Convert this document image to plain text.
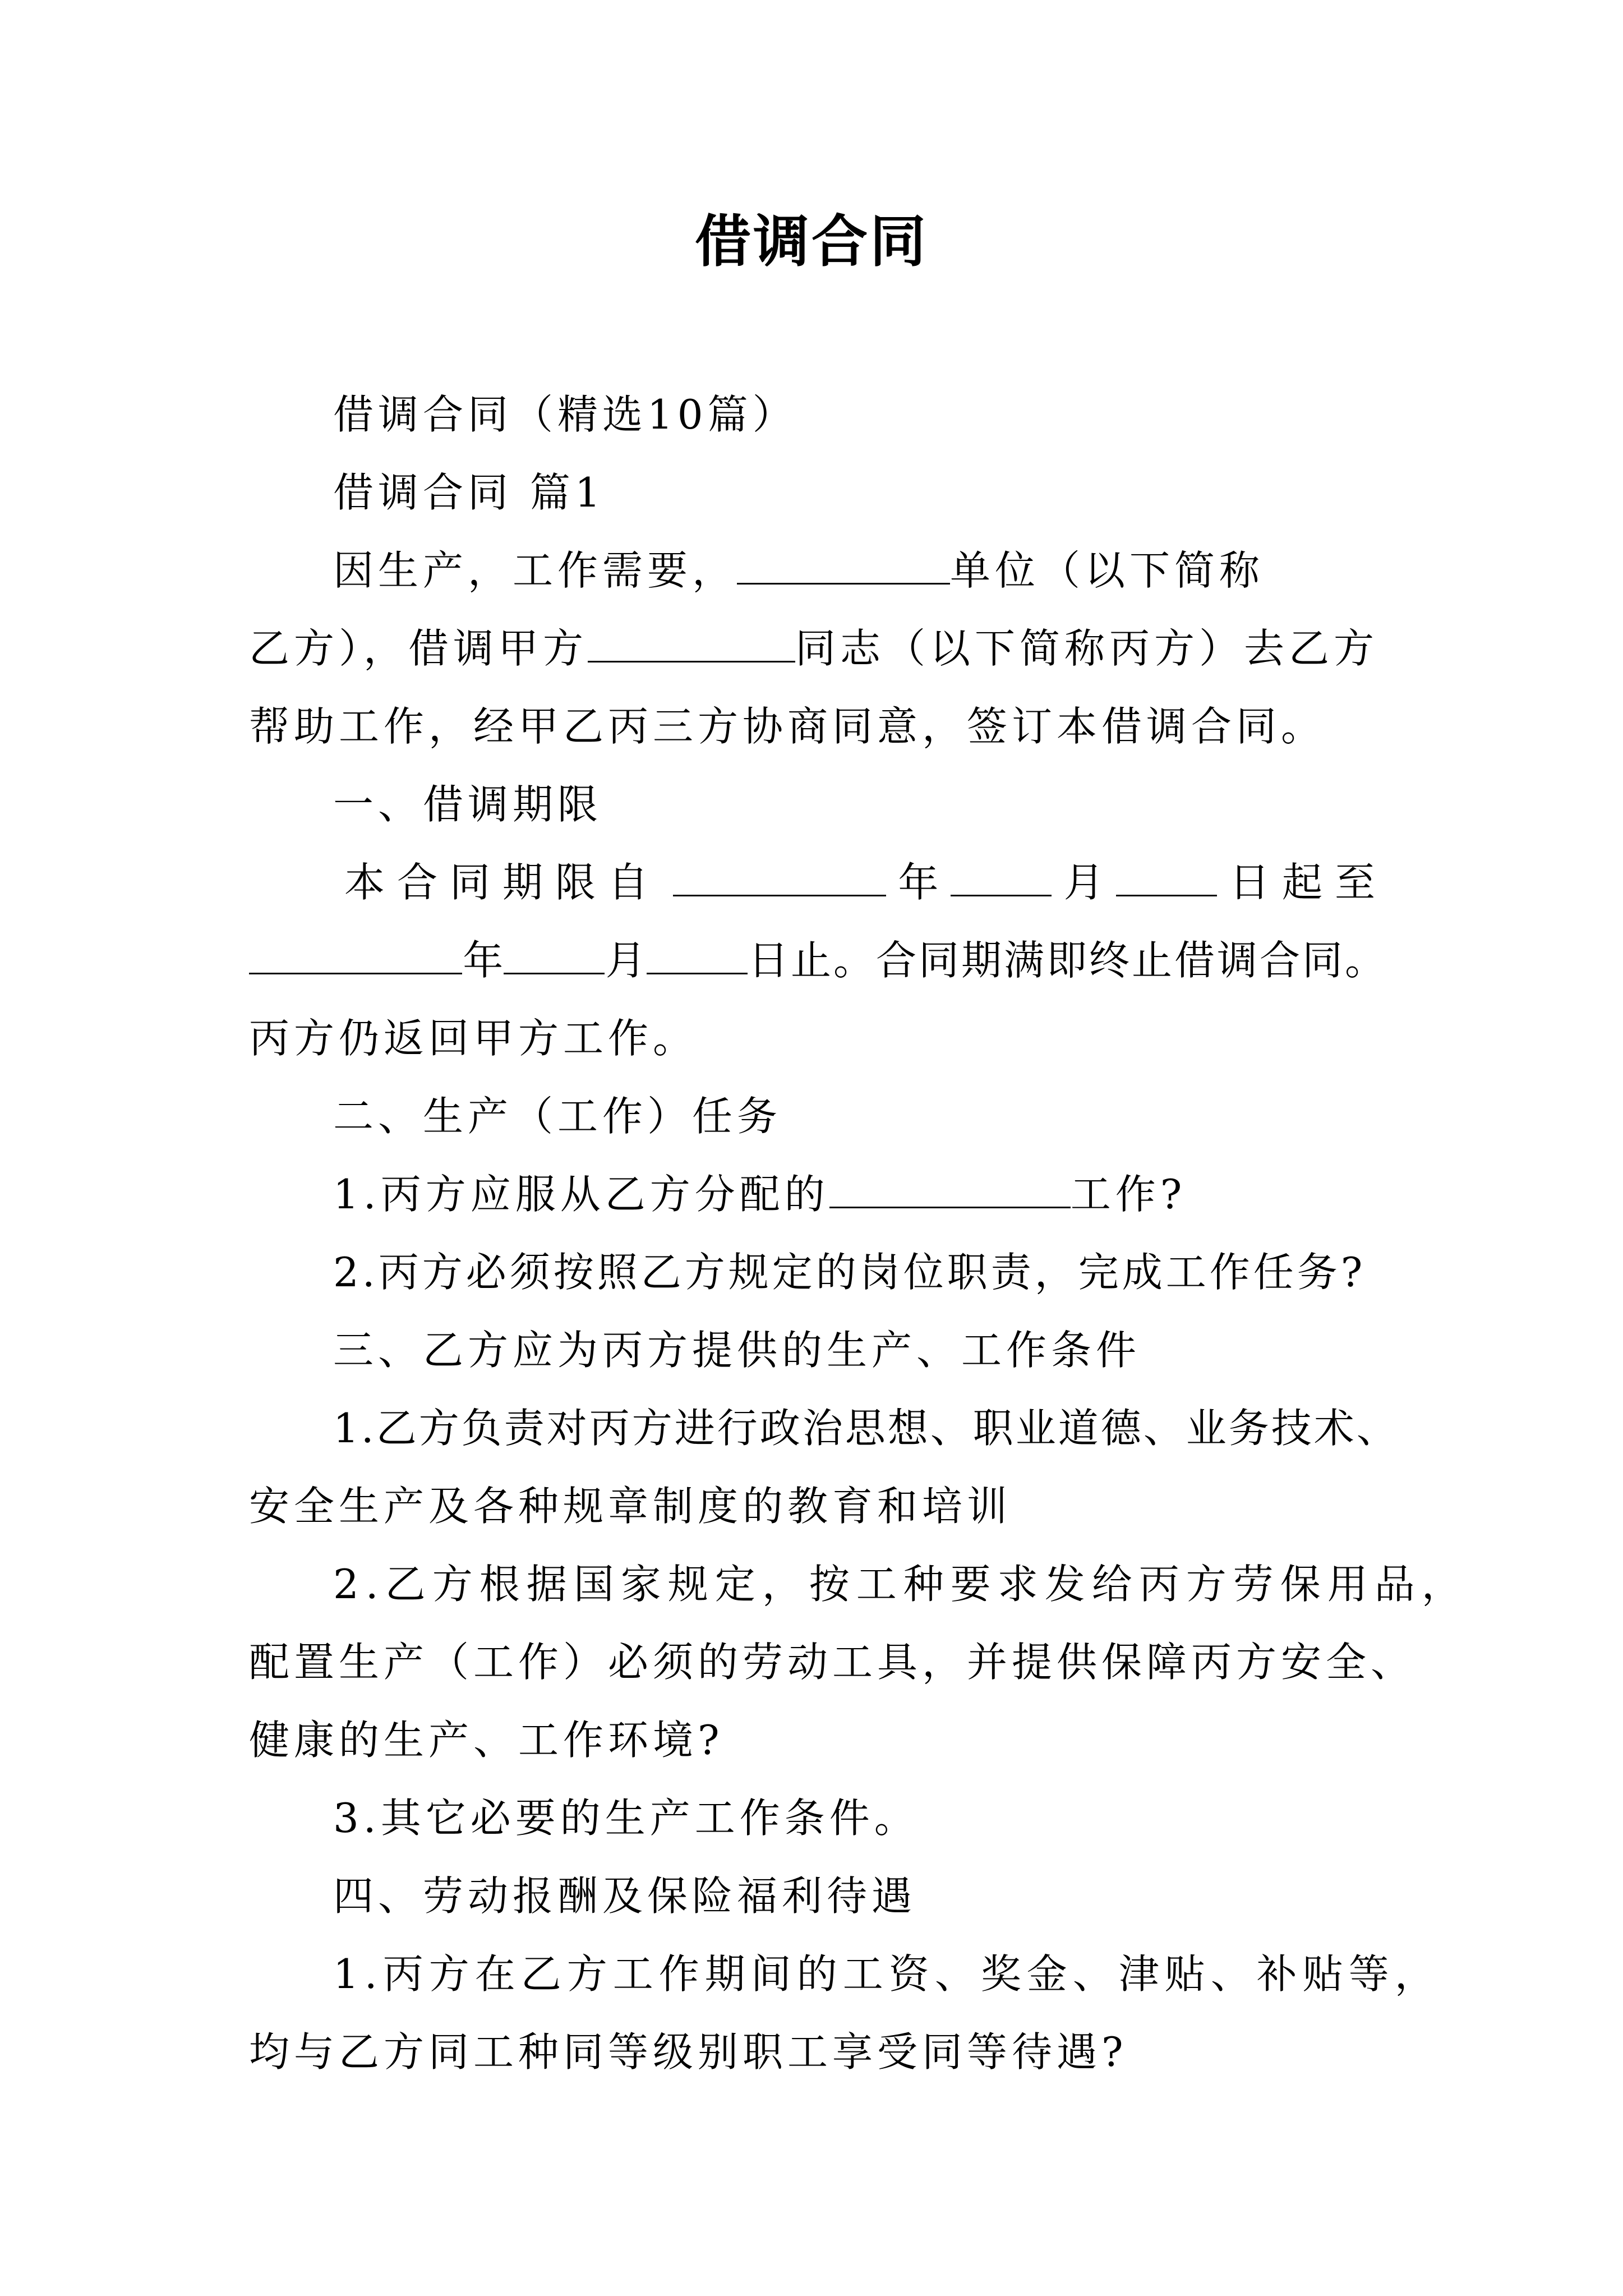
借调合同
借调合同（精选10篇）
借调合同 篇1
因生产，工作需要，	单位（以下简称
乙方），借调甲方	同志（以下简称丙方）去乙方
帮助工作，经甲乙丙三方协商同意，签订本借调合同。
一、借调期限
本合同期限自	年	月	日起至
年	月	日止。合同期满即终止借调合同。
丙方仍返回甲方工作。
二、生产（工作）任务
1.丙方应服从乙方分配的	工作?
2.丙方必须按照乙方规定的岗位职责，完成工作任务?
三、乙方应为丙方提供的生产、工作条件
1.乙方负责对丙方进行政治思想、职业道德、业务技术、
安全生产及各种规章制度的教育和培训
2.乙方根据国家规定，按工种要求发给丙方劳保用品，
配置生产（工作）必须的劳动工具，并提供保障丙方安全、
健康的生产、工作环境?
3.其它必要的生产工作条件。
四、劳动报酬及保险福利待遇
1.丙方在乙方工作期间的工资、奖金、津贴、补贴等，
均与乙方同工种同等级别职工享受同等待遇?
